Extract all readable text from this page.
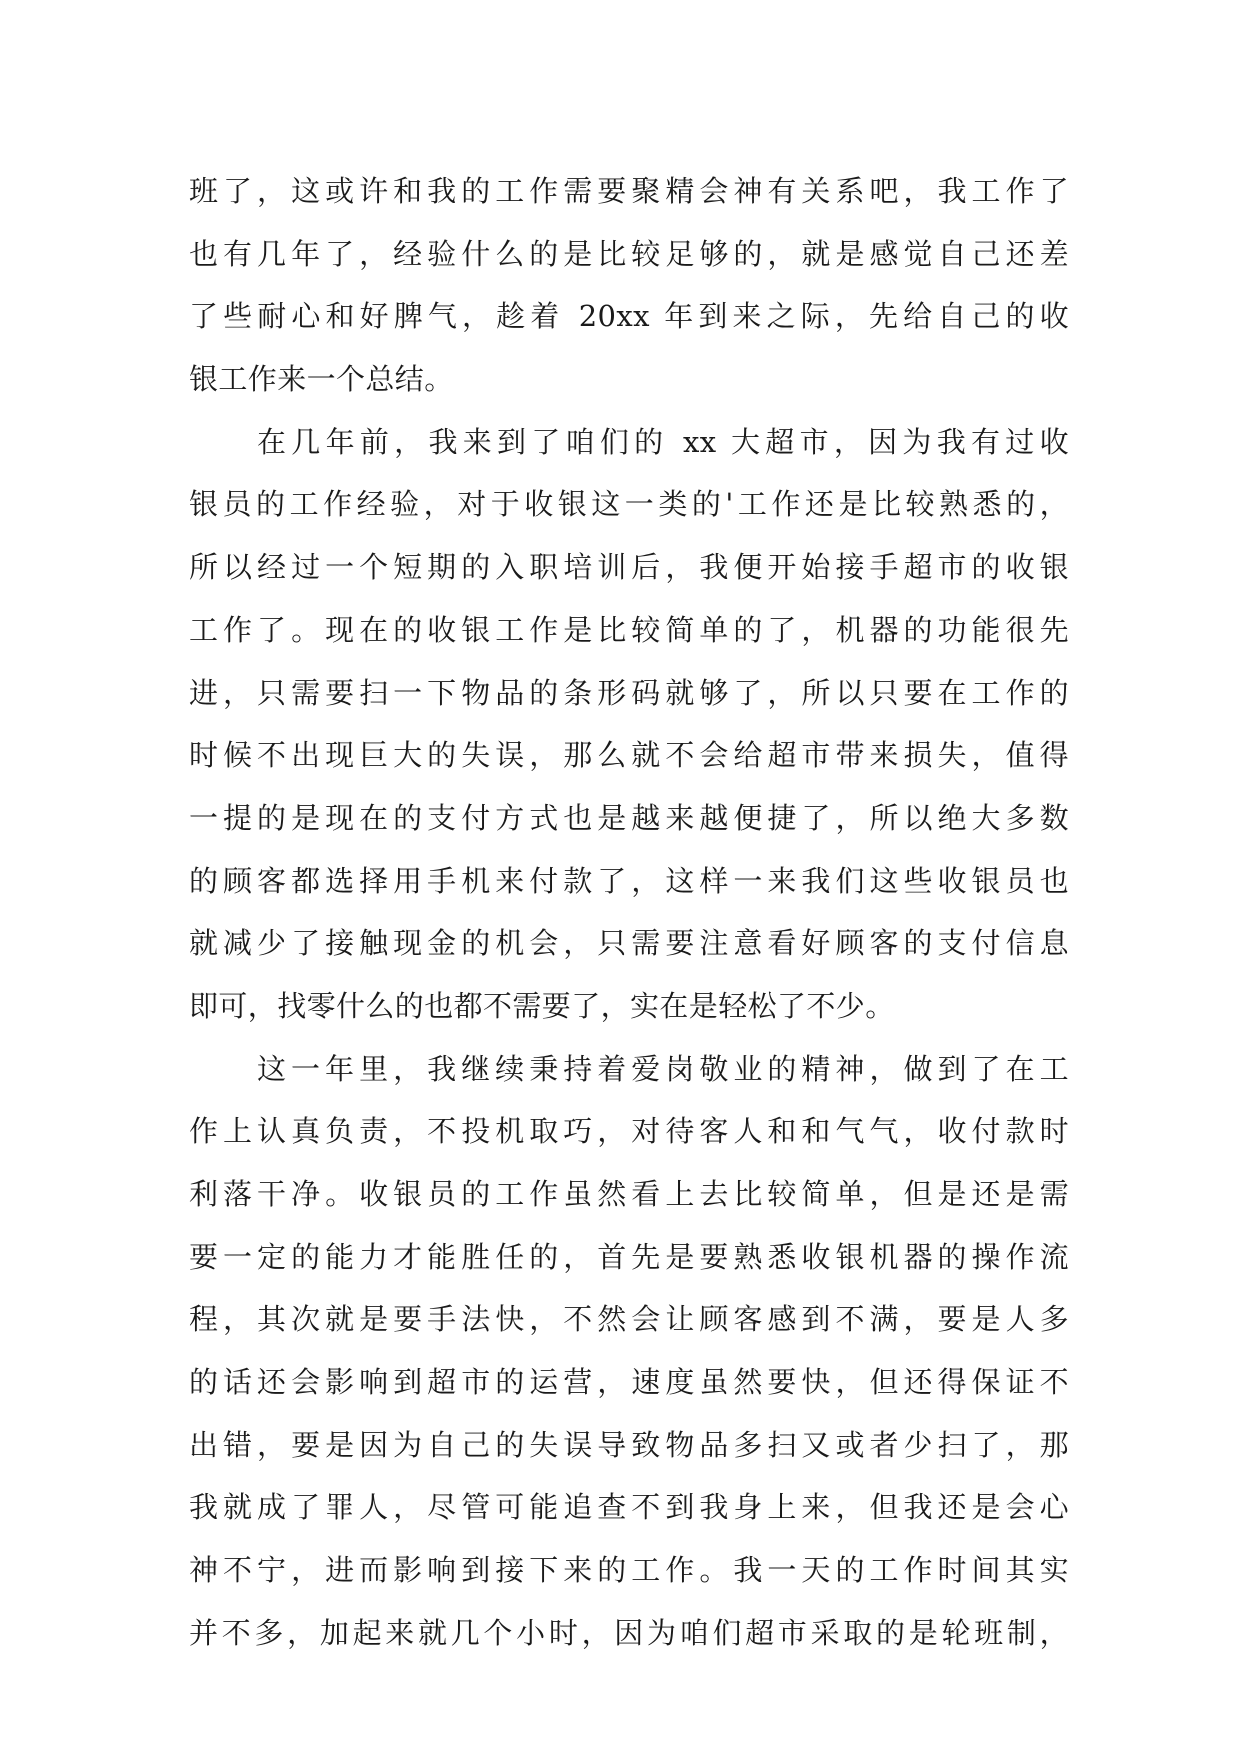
班了，这或许和我的工作需要聚精会神有关系吧，我工作了
也有几年了，经验什么的是比较足够的，就是感觉自己还差
了些耐心和好脾气，趁着 20xx 年到来之际，先给自己的收
银工作来一个总结。
在几年前，我来到了咱们的 xx 大超市，因为我有过收
银员的工作经验，对于收银这一类的'工作还是比较熟悉的，
所以经过一个短期的入职培训后，我便开始接手超市的收银
工作了。现在的收银工作是比较简单的了，机器的功能很先
进，只需要扫一下物品的条形码就够了，所以只要在工作的
时候不出现巨大的失误，那么就不会给超市带来损失，值得
一提的是现在的支付方式也是越来越便捷了，所以绝大多数
的顾客都选择用手机来付款了，这样一来我们这些收银员也
就减少了接触现金的机会，只需要注意看好顾客的支付信息
即可，找零什么的也都不需要了，实在是轻松了不少。
这一年里，我继续秉持着爱岗敬业的精神，做到了在工
作上认真负责，不投机取巧，对待客人和和气气，收付款时
利落干净。收银员的工作虽然看上去比较简单，但是还是需
要一定的能力才能胜任的，首先是要熟悉收银机器的操作流
程，其次就是要手法快，不然会让顾客感到不满，要是人多
的话还会影响到超市的运营，速度虽然要快，但还得保证不
出错，要是因为自己的失误导致物品多扫又或者少扫了，那
我就成了罪人，尽管可能追查不到我身上来，但我还是会心
神不宁，进而影响到接下来的工作。我一天的工作时间其实
并不多，加起来就几个小时，因为咱们超市采取的是轮班制，
